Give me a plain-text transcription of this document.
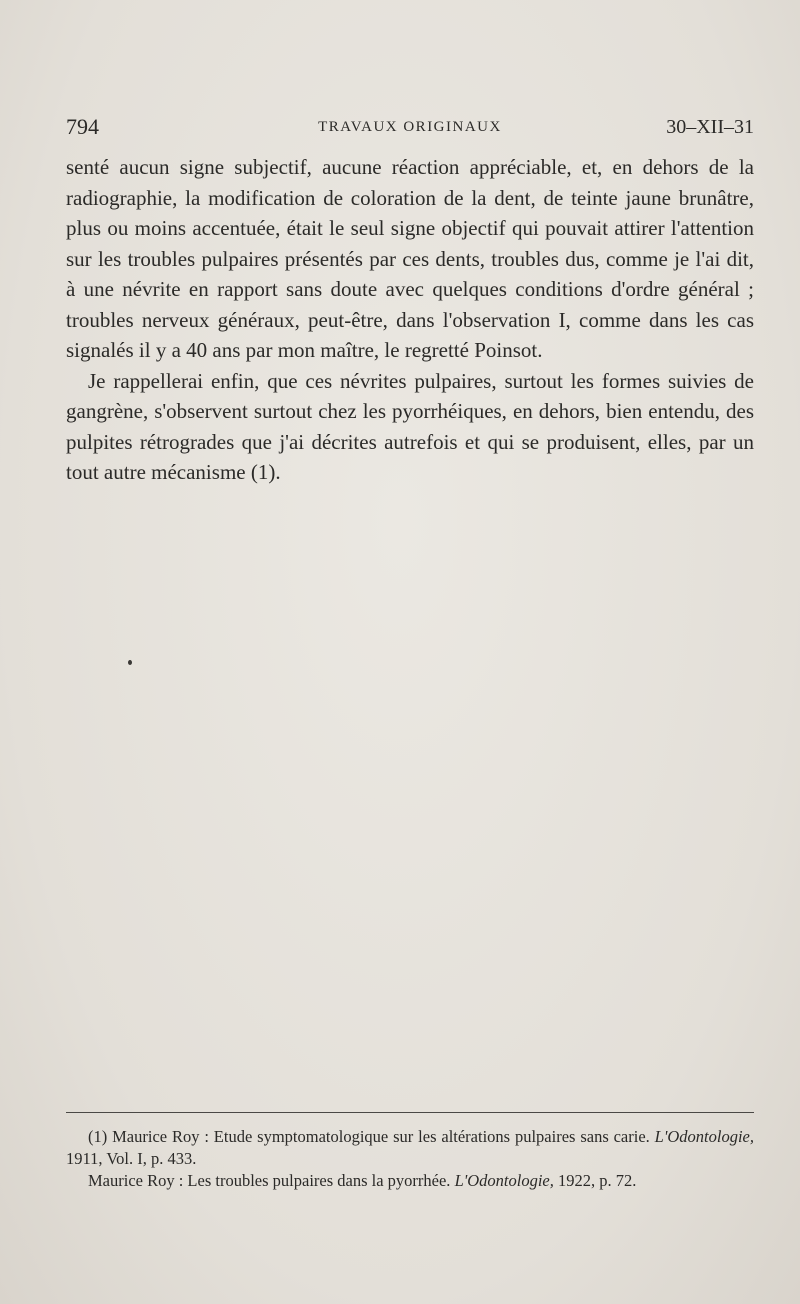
794	TRAVAUX ORIGINAUX	30–XII–31

senté aucun signe subjectif, aucune réaction appréciable, et, en dehors de la radiographie, la modification de coloration de la dent, de teinte jaune brunâtre, plus ou moins accentuée, était le seul signe objectif qui pouvait attirer l'attention sur les troubles pulpaires présentés par ces dents, troubles dus, comme je l'ai dit, à une névrite en rapport sans doute avec quelques conditions d'ordre général ; troubles nerveux généraux, peut-être, dans l'observation I, comme dans les cas signalés il y a 40 ans par mon maître, le regretté Poinsot.

Je rappellerai enfin, que ces névrites pulpaires, surtout les formes suivies de gangrène, s'observent surtout chez les pyorrhéiques, en dehors, bien entendu, des pulpites rétrogrades que j'ai décrites autrefois et qui se produisent, elles, par un tout autre mécanisme (1).

(1) Maurice Roy : Etude symptomatologique sur les altérations pulpaires sans carie. L'Odontologie, 1911, Vol. I, p. 433.

Maurice Roy : Les troubles pulpaires dans la pyorrhée. L'Odontologie, 1922, p. 72.
